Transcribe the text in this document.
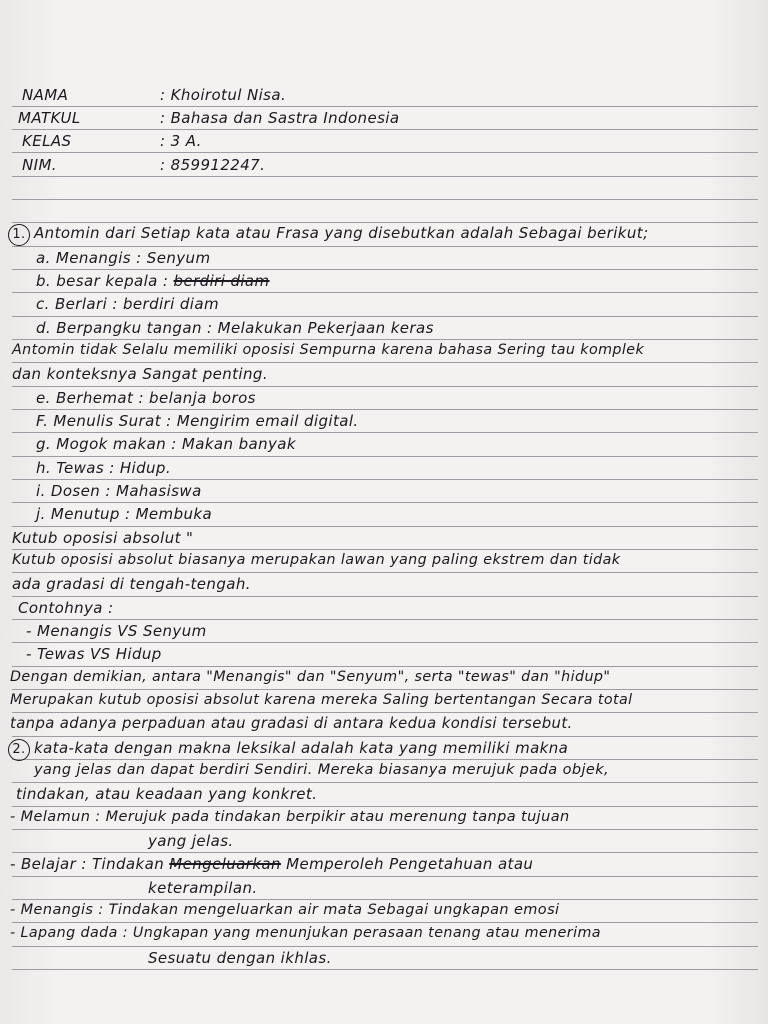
NAMA	: Khoirotul Nisa.
MATKUL	: Bahasa dan Sastra Indonesia
KELAS	: 3 A.
NIM.	: 859912247.
1. Antomin dari Setiap kata atau Frasa yang disebutkan adalah Sebagai berikut;
a. Menangis : Senyum
b. besar kepala : berdiri diam
c. Berlari : berdiri diam
d. Berpangku tangan : Melakukan Pekerjaan keras
Antomin tidak Selalu memiliki oposisi Sempurna karena bahasa Sering tau komplek
dan konteksnya Sangat penting.
e. Berhemat : belanja boros
F. Menulis Surat : Mengirim email digital.
g. Mogok makan : Makan banyak
h. Tewas : Hidup.
i. Dosen : Mahasiswa
j. Menutup : Membuka
Kutub oposisi absolut "
Kutub oposisi absolut biasanya merupakan lawan yang paling ekstrem dan tidak
ada gradasi di tengah-tengah.
Contohnya :
- Menangis VS Senyum
- Tewas VS Hidup
Dengan demikian, antara "Menangis" dan "Senyum", serta "tewas" dan "hidup"
Merupakan kutub oposisi absolut karena mereka Saling bertentangan Secara total
tanpa adanya perpaduan atau gradasi di antara kedua kondisi tersebut.
2. kata-kata dengan makna leksikal adalah kata yang memiliki makna
yang jelas dan dapat berdiri Sendiri. Mereka biasanya merujuk pada objek,
tindakan, atau keadaan yang konkret.
- Melamun : Merujuk pada tindakan berpikir atau merenung tanpa tujuan
yang jelas.
- Belajar : Tindakan Mengeluarkan Memperoleh Pengetahuan atau
keterampilan.
- Menangis : Tindakan mengeluarkan air mata Sebagai ungkapan emosi
- Lapang dada : Ungkapan yang menunjukan perasaan tenang atau menerima
Sesuatu dengan ikhlas.
